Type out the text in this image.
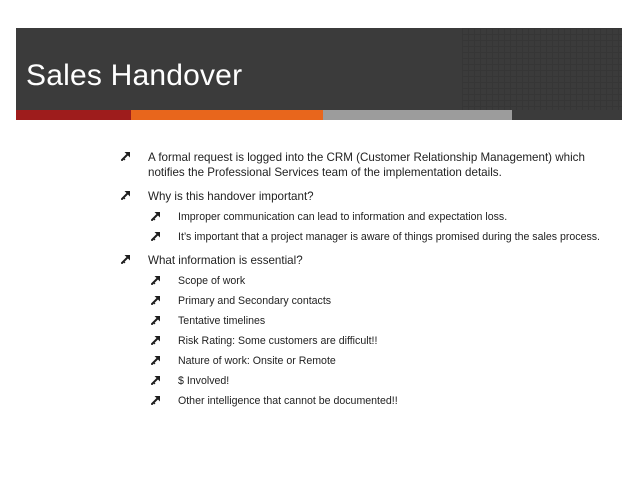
Sales Handover
A formal request is logged into the CRM (Customer Relationship Management) which notifies the Professional Services team of the implementation details.
Why is this handover important?
Improper communication can lead to information and expectation loss.
It’s important that a project manager is aware of things promised during the sales process.
What information is essential?
Scope of work
Primary and Secondary contacts
Tentative timelines
Risk Rating: Some customers are difficult!!
Nature of work: Onsite or Remote
$ Involved!
Other intelligence that cannot be documented!!
